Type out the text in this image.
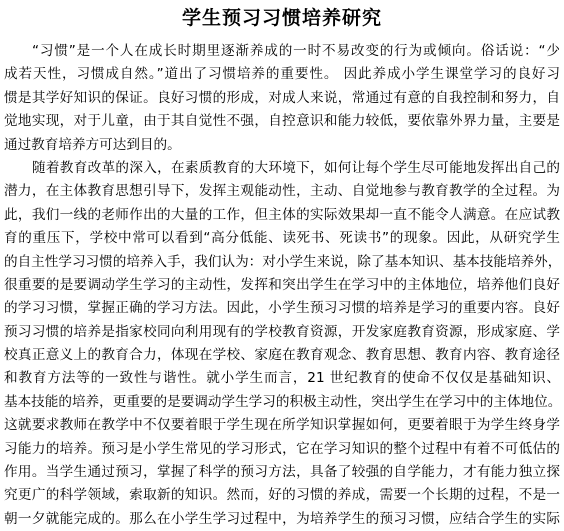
学生预习习惯培养研究
“习惯”是一个人在成长时期里逐渐养成的一时不易改变的行为或倾向。俗话说：“少
成若天性，习惯成自然。”道出了习惯培养的重要性。 因此养成小学生课堂学习的良好习
惯是其学好知识的保证。良好习惯的形成，对成人来说，常通过有意的自我控制和努力，自
觉地实现，对于儿童，由于其自觉性不强，自控意识和能力较低，要依靠外界力量，主要是
通过教育培养方可达到目的。
随着教育改革的深入，在素质教育的大环境下，如何让每个学生尽可能地发挥出自己的
潜力，在主体教育思想引导下，发挥主观能动性，主动、自觉地参与教育教学的全过程。为
此，我们一线的老师作出的大量的工作，但主体的实际效果却一直不能令人满意。在应试教
育的重压下，学校中常可以看到“高分低能、读死书、死读书”的现象。因此，从研究学生
的自主性学习习惯的培养入手，我们认为：对小学生来说，除了基本知识、基本技能培养外，
很重要的是要调动学生学习的主动性，发挥和突出学生在学习中的主体地位，培养他们良好
的学习习惯，掌握正确的学习方法。因此，小学生预习习惯的培养是学习的重要内容。良好
预习习惯的培养是指家校同向利用现有的学校教育资源，开发家庭教育资源，形成家庭、学
校真正意义上的教育合力，体现在学校、家庭在教育观念、教育思想、教育内容、教育途径
和教育方法等的一致性与谐性。就小学生而言，21 世纪教育的使命不仅仅是基础知识、
基本技能的培养，更重要的是要调动学生学习的积极主动性，突出学生在学习中的主体地位。
这就要求教师在教学中不仅要着眼于学生现在所学知识掌握如何，更要着眼于为学生终身学
习能力的培养。预习是小学生常见的学习形式，它在学习知识的整个过程中有着不可低估的
作用。当学生通过预习，掌握了科学的预习方法，具备了较强的自学能力，才有能力独立探
究更广的科学领域，索取新的知识。然而，好的习惯的养成，需要一个长期的过程，不是一
朝一夕就能完成的。那么在小学生学习过程中，为培养学生的预习习惯，应结合学生的实际
